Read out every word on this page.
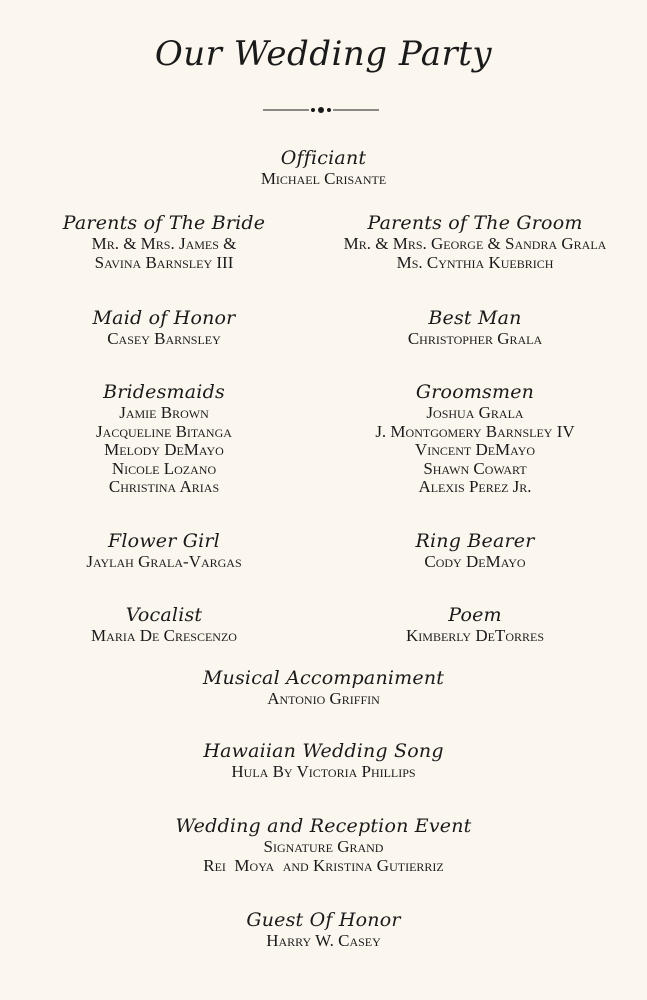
Our Wedding Party
Officiant
Michael Crisante
Parents of The Bride
Mr. & Mrs. James &
Savina Barnsley III
Parents of The Groom
Mr. & Mrs. George & Sandra Grala
Ms. Cynthia Kuebrich
Maid of Honor
Casey Barnsley
Best Man
Christopher Grala
Bridesmaids
Jamie Brown
Jacqueline Bitanga
Melody DeMayo
Nicole Lozano
Christina Arias
Groomsmen
Joshua Grala
J. Montgomery Barnsley IV
Vincent DeMayo
Shawn Cowart
Alexis Perez Jr.
Flower Girl
Jaylah Grala-Vargas
Ring Bearer
Cody DeMayo
Vocalist
Maria De Crescenzo
Poem
Kimberly DeTorres
Musical Accompaniment
Antonio Griffin
Hawaiian Wedding Song
Hula By Victoria Phillips
Wedding and Reception Event
Signature Grand
Rei  Moya  and Kristina Gutierriz
Guest Of Honor
Harry W. Casey
